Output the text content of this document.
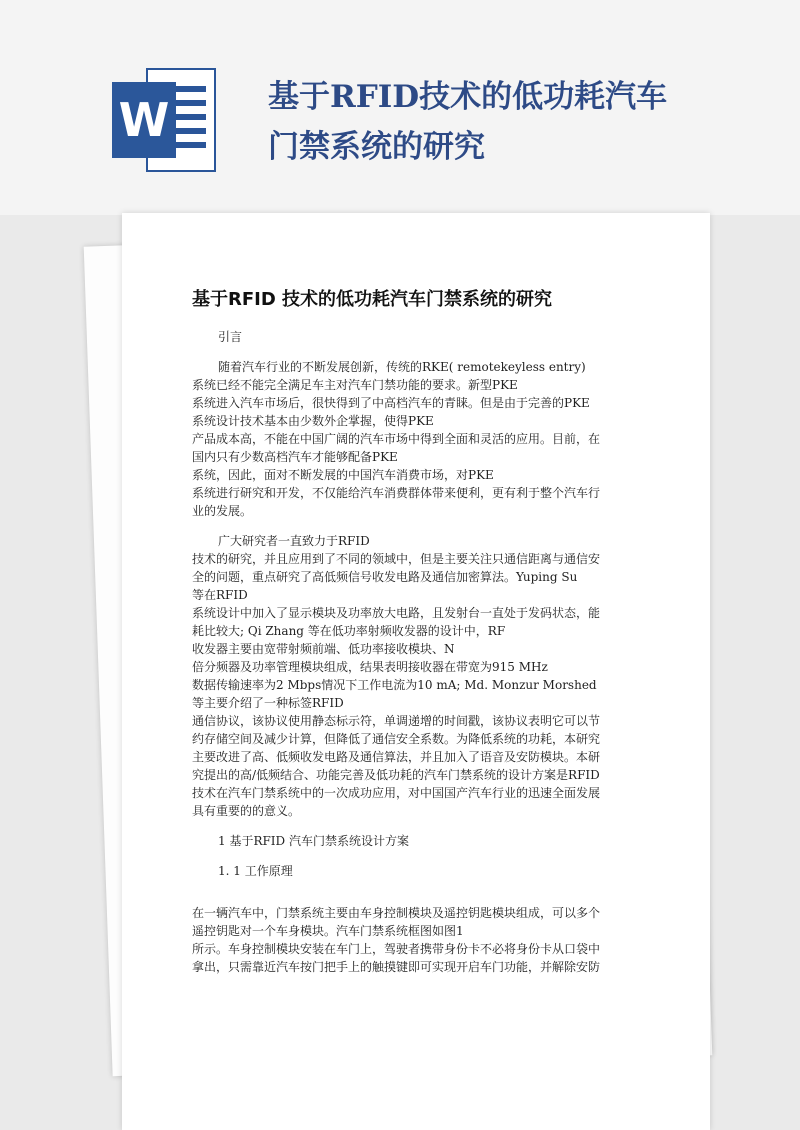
W	基于RFID技术的低功耗汽车门禁系统的研究
基于RFID 技术的低功耗汽车门禁系统的研究
引言
随着汽车行业的不断发展创新，传统的RKE( remotekeyless entry)
系统已经不能完全满足车主对汽车门禁功能的要求。新型PKE
系统进入汽车市场后，很快得到了中高档汽车的青睐。但是由于完善的PKE
系统设计技术基本由少数外企掌握，使得PKE
产品成本高，不能在中国广阔的汽车市场中得到全面和灵活的应用。目前，在
国内只有少数高档汽车才能够配备PKE
系统，因此，面对不断发展的中国汽车消费市场，对PKE
系统进行研究和开发，不仅能给汽车消费群体带来便利，更有利于整个汽车行
业的发展。
广大研究者一直致力于RFID
技术的研究，并且应用到了不同的领域中，但是主要关注只通信距离与通信安
全的问题，重点研究了高低频信号收发电路及通信加密算法。Yuping Su
等在RFID
系统设计中加入了显示模块及功率放大电路，且发射台一直处于发码状态，能
耗比较大; Qi Zhang 等在低功率射频收发器的设计中，RF
收发器主要由宽带射频前端、低功率接收模块、N
倍分频器及功率管理模块组成，结果表明接收器在带宽为915 MHz
数据传输速率为2 Mbps情况下工作电流为10 mA; Md. Monzur Morshed
等主要介绍了一种标签RFID
通信协议，该协议使用静态标示符，单调递增的时间戳，该协议表明它可以节
约存储空间及减少计算，但降低了通信安全系数。为降低系统的功耗，本研究
主要改进了高、低频收发电路及通信算法，并且加入了语音及安防模块。本研
究提出的高/低频结合、功能完善及低功耗的汽车门禁系统的设计方案是RFID
技术在汽车门禁系统中的一次成功应用，对中国国产汽车行业的迅速全面发展
具有重要的的意义。
1 基于RFID 汽车门禁系统设计方案
1. 1 工作原理
在一辆汽车中，门禁系统主要由车身控制模块及遥控钥匙模块组成，可以多个
遥控钥匙对一个车身模块。汽车门禁系统框图如图1
所示。车身控制模块安装在车门上，驾驶者携带身份卡不必将身份卡从口袋中
拿出，只需靠近汽车按门把手上的触摸键即可实现开启车门功能，并解除安防
